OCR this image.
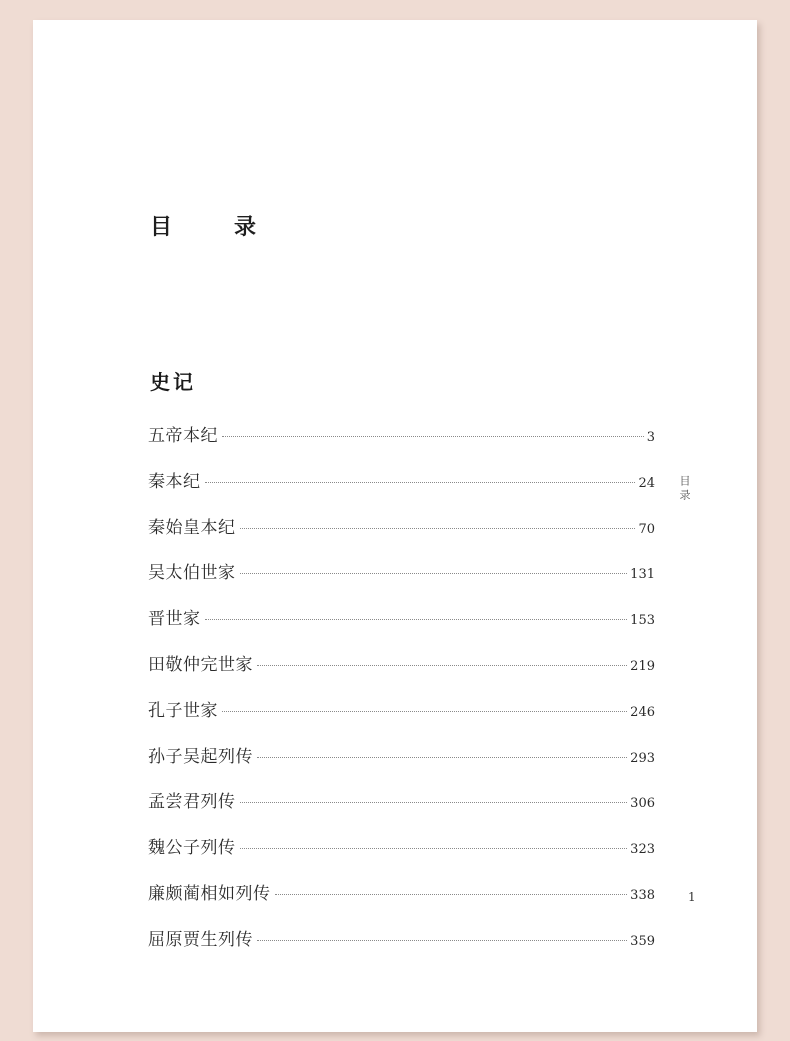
目　录
史记
五帝本纪	3
秦本纪	24
秦始皇本纪	70
吴太伯世家	131
晋世家	153
田敬仲完世家	219
孔子世家	246
孙子吴起列传	293
孟尝君列传	306
魏公子列传	323
廉颇蔺相如列传	338
屈原贾生列传	359
目录
1
